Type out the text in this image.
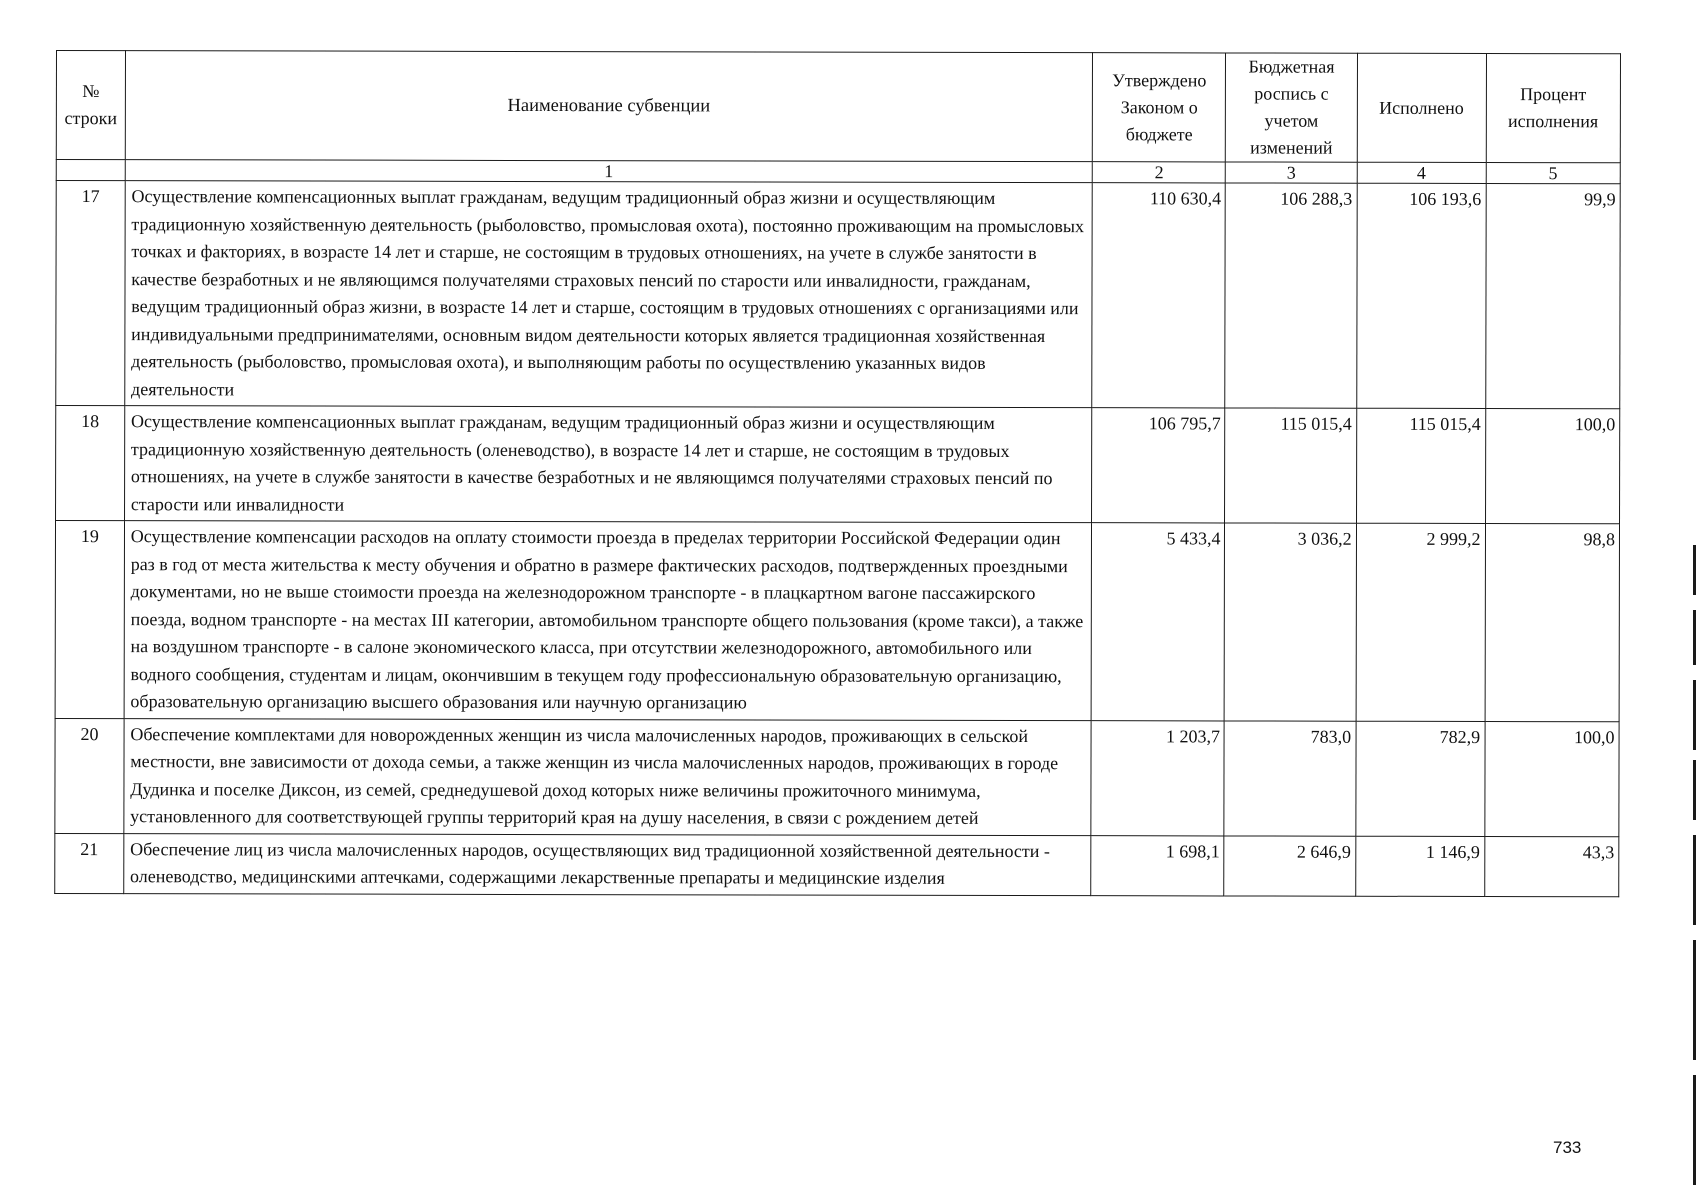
№ строки	Наименование субвенции	Утверждено Законом о бюджете	Бюджетная роспись с учетом изменений	Исполнено	Процент исполнения
	1	2	3	4	5
17	Осуществление компенсационных выплат гражданам, ведущим традиционный образ жизни и осуществляющим традиционную хозяйственную деятельность (рыболовство, промысловая охота), постоянно проживающим на промысловых точках и факториях, в возрасте 14 лет и старше, не состоящим в трудовых отношениях, на учете в службе занятости в качестве безработных и не являющимся получателями страховых пенсий по старости или инвалидности, гражданам, ведущим традиционный образ жизни, в возрасте 14 лет и старше, состоящим в трудовых отношениях с организациями или индивидуальными предпринимателями, основным видом деятельности которых является традиционная хозяйственная деятельность (рыболовство, промысловая охота), и выполняющим работы по осуществлению указанных видов деятельности	110 630,4	106 288,3	106 193,6	99,9
18	Осуществление компенсационных выплат гражданам, ведущим традиционный образ жизни и осуществляющим традиционную хозяйственную деятельность (оленеводство), в возрасте 14 лет и старше, не состоящим в трудовых отношениях, на учете в службе занятости в качестве безработных и не являющимся получателями страховых пенсий по старости или инвалидности	106 795,7	115 015,4	115 015,4	100,0
19	Осуществление компенсации расходов на оплату стоимости проезда в пределах территории Российской Федерации один раз в год от места жительства к месту обучения и обратно в размере фактических расходов, подтвержденных проездными документами, но не выше стоимости проезда на железнодорожном транспорте - в плацкартном вагоне пассажирского поезда, водном транспорте - на местах III категории, автомобильном транспорте общего пользования (кроме такси), а также на воздушном транспорте - в салоне экономического класса, при отсутствии железнодорожного, автомобильного или водного сообщения, студентам и лицам, окончившим в текущем году профессиональную образовательную организацию, образовательную организацию высшего образования или научную организацию	5 433,4	3 036,2	2 999,2	98,8
20	Обеспечение комплектами для новорожденных женщин из числа малочисленных народов, проживающих в сельской местности, вне зависимости от дохода семьи, а также женщин из числа малочисленных народов, проживающих в городе Дудинка и поселке Диксон, из семей, среднедушевой доход которых ниже величины прожиточного минимума, установленного для соответствующей группы территорий края на душу населения, в связи с рождением детей	1 203,7	783,0	782,9	100,0
21	Обеспечение лиц из числа малочисленных народов, осуществляющих вид традиционной хозяйственной деятельности - оленеводство, медицинскими аптечками, содержащими лекарственные препараты и медицинские изделия	1 698,1	2 646,9	1 146,9	43,3
733
